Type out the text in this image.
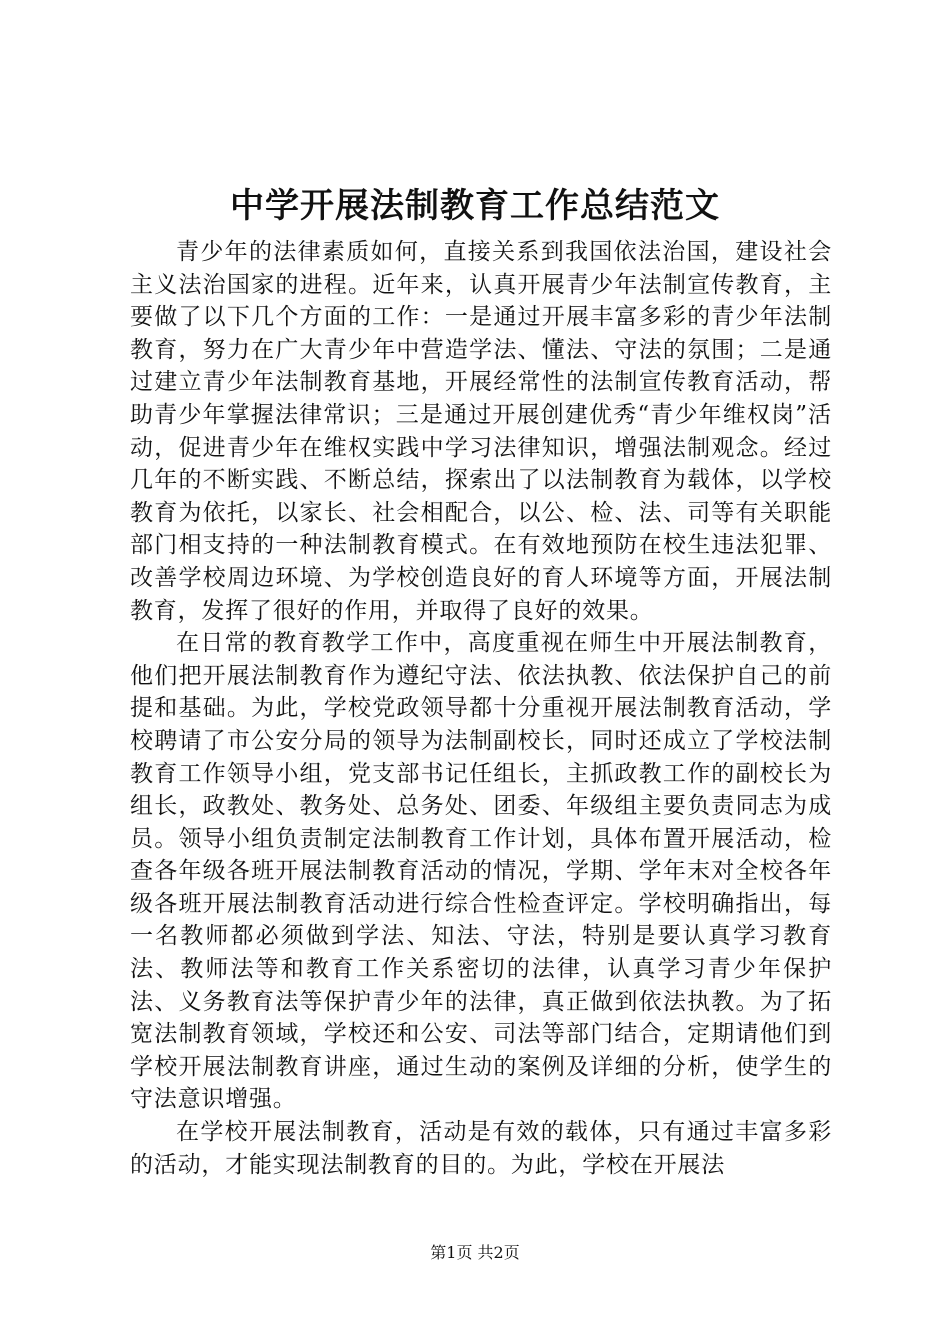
中学开展法制教育工作总结范文

青少年的法律素质如何，直接关系到我国依法治国，建设社会主义法治国家的进程。近年来，认真开展青少年法制宣传教育，主要做了以下几个方面的工作：一是通过开展丰富多彩的青少年法制教育，努力在广大青少年中营造学法、懂法、守法的氛围；二是通过建立青少年法制教育基地，开展经常性的法制宣传教育活动，帮助青少年掌握法律常识；三是通过开展创建优秀“青少年维权岗”活动，促进青少年在维权实践中学习法律知识，增强法制观念。经过几年的不断实践、不断总结，探索出了以法制教育为载体，以学校教育为依托，以家长、社会相配合，以公、检、法、司等有关职能部门相支持的一种法制教育模式。在有效地预防在校生违法犯罪、改善学校周边环境、为学校创造良好的育人环境等方面，开展法制教育，发挥了很好的作用，并取得了良好的效果。

在日常的教育教学工作中，高度重视在师生中开展法制教育，他们把开展法制教育作为遵纪守法、依法执教、依法保护自己的前提和基础。为此，学校党政领导都十分重视开展法制教育活动，学校聘请了市公安分局的领导为法制副校长，同时还成立了学校法制教育工作领导小组，党支部书记任组长，主抓政教工作的副校长为组长，政教处、教务处、总务处、团委、年级组主要负责同志为成员。领导小组负责制定法制教育工作计划，具体布置开展活动，检查各年级各班开展法制教育活动的情况，学期、学年末对全校各年级各班开展法制教育活动进行综合性检查评定。学校明确指出，每一名教师都必须做到学法、知法、守法，特别是要认真学习教育法、教师法等和教育工作关系密切的法律，认真学习青少年保护法、义务教育法等保护青少年的法律，真正做到依法执教。为了拓宽法制教育领域，学校还和公安、司法等部门结合，定期请他们到学校开展法制教育讲座，通过生动的案例及详细的分析，使学生的守法意识增强。

在学校开展法制教育，活动是有效的载体，只有通过丰富多彩的活动，才能实现法制教育的目的。为此，学校在开展法

第1页 共2页
